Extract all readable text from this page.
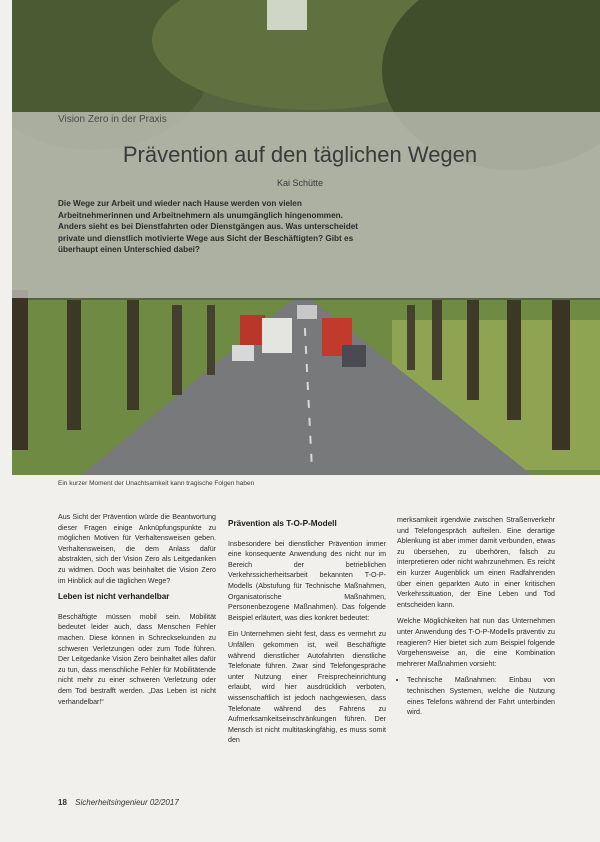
Vision Zero in der Praxis
Prävention auf den täglichen Wegen
Kai Schütte
Die Wege zur Arbeit und wieder nach Hause werden von vielen Arbeitnehmerinnen und Arbeitnehmern als unumgänglich hingenommen. Anders sieht es bei Dienstfahrten oder Dienstgängen aus. Was unterscheidet private und dienstlich motivierte Wege aus Sicht der Beschäftigten? Gibt es überhaupt einen Unterschied dabei?
Ein kurzer Moment der Unachtsamkeit kann tragische Folgen haben

Aus Sicht der Prävention würde die Beantwortung dieser Fragen einige Anknüpfungspunkte zu möglichen Motiven für Verhaltensweisen geben. Verhaltensweisen, die dem Anlass dafür abstrakten, sich der Vision Zero als Leitgedanken zu widmen. Doch was beinhaltet die Vision Zero im Hinblick auf die täglichen Wege?

Leben ist nicht verhandelbar

Beschäftigte müssen mobil sein. Mobilität bedeutet leider auch, dass Menschen Fehler machen. Diese können in Schrecksekunden zu schweren Verletzungen oder zum Tode führen. Der Leitgedanke Vision Zero beinhaltet alles dafür zu tun, dass menschliche Fehler für Mobilitätende nicht mehr zu einer schweren Verletzung oder dem Tod bestrafft werden. „Das Leben ist nicht verhandelbar!“

Prävention als T-O-P-Modell

Insbesondere bei dienstlicher Prävention immer eine konsequente Anwendung des nicht nur im Bereich der betrieblichen Verkehrssicherheitsarbeit bekannten T-O-P-Modells (Abstufung für Technische Maßnahmen, Organisatorische Maßnahmen, Personenbezogene Maßnahmen). Das folgende Beispiel erläutert, was dies konkret bedeutet:

Ein Unternehmen sieht fest, dass es vermehrt zu Unfällen gekommen ist, weil Beschäftigte während dienstlicher Autofahrten dienstliche Telefonate führen. Zwar sind Telefongespräche unter Nutzung einer Freisprecheinrichtung erlaubt, wird hier ausdrücklich verboten, wissenschaftlich ist jedoch nachgewiesen, dass Telefonate während des Fahrens zu Aufmerksamkeitseinschränkungen führen. Der Mensch ist nicht multitaskingfähig, es muss somit den

merksamkeit irgendwie zwischen Straßenverkehr und Telefongespräch aufteilen. Eine derartige Ablenkung ist aber immer damit verbunden, etwas zu übersehen, zu überhören, falsch zu interpretieren oder nicht wahrzunehmen. Es reicht ein kurzer Augenblick um einen Radfahrenden über einen geparkten Auto in einer kritischen Verkehrssituation, der Eine Leben und Tod entscheiden kann.

Welche Möglichkeiten hat nun das Unternehmen unter Anwendung des T-O-P-Modells präventiv zu reagieren? Hier bietet sich zum Beispiel folgende Vorgehensweise an, die eine Kombination mehrerer Maßnahmen vorsieht:

• Technische Maßnahmen: Einbau von technischen Systemen, welche die Nutzung eines Telefons während der Fahrt unterbinden wird.
18 Sicherheitsingenieur 02/2017
